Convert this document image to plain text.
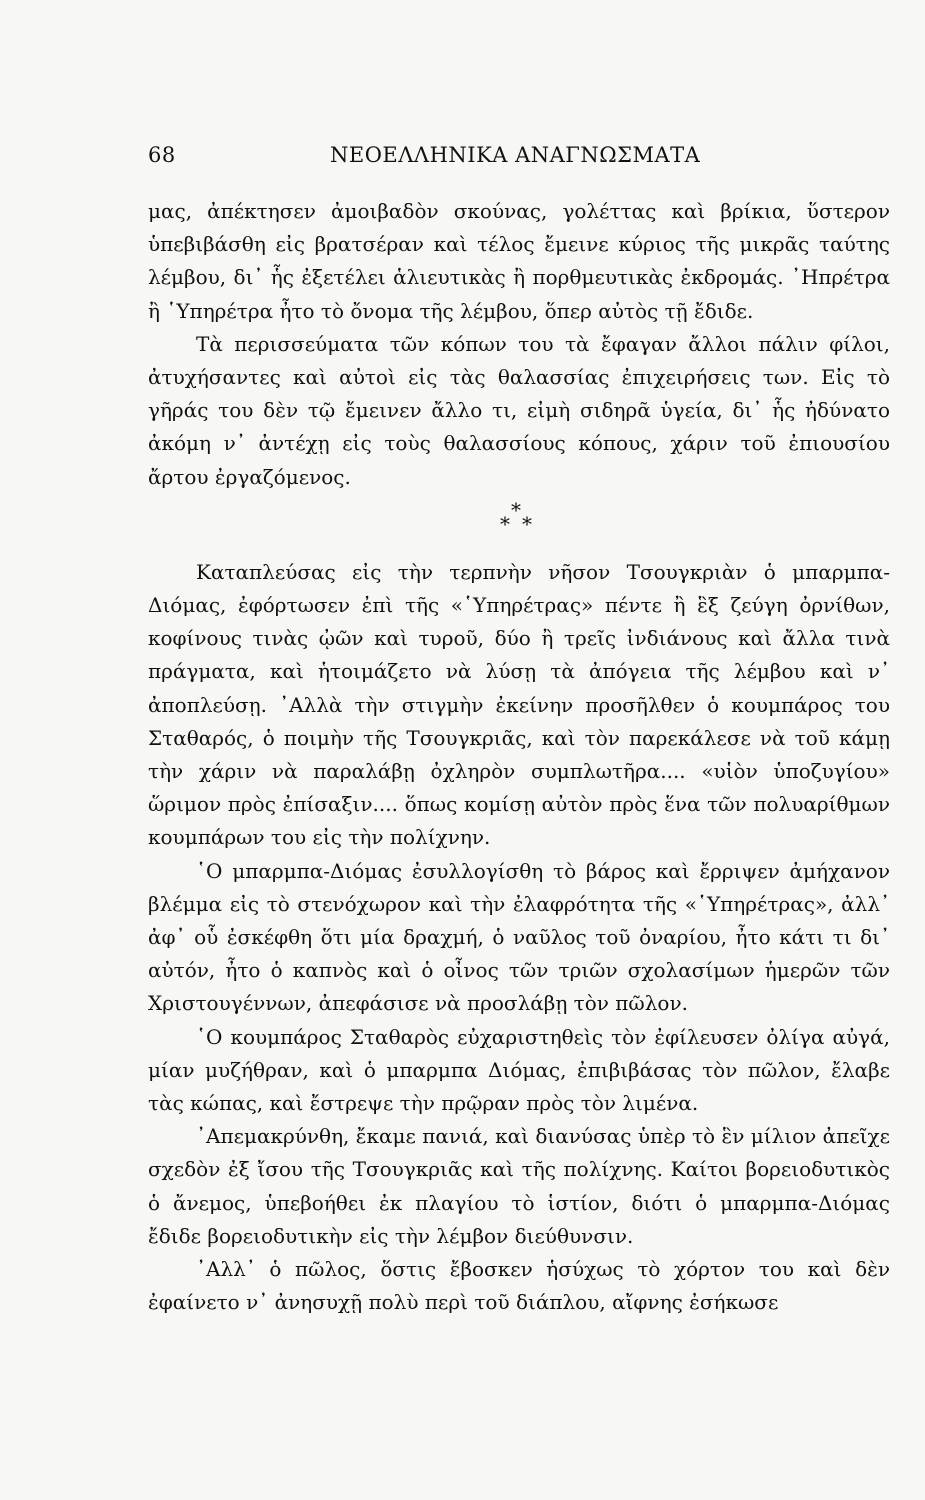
68	ΝΕΟΕΛΛΗΝΙΚΑ ΑΝΑΓΝΩΣΜΑΤΑ

μας, ἀπέκτησεν ἀμοιβαδὸν σκούνας, γολέττας καὶ βρίκια, ὕστερον ὑπεβιβάσθη εἰς βρατσέραν καὶ τέλος ἔμεινε κύριος τῆς μικρᾶς ταύτης λέμβου, δι᾽ ἧς ἐξετέλει ἁλιευτικὰς ἢ πορθμευτικὰς ἐκδρομάς. ᾿Ηπρέτρα ἢ ῾Υπηρέτρα ἦτο τὸ ὄνομα τῆς λέμβου, ὅπερ αὐτὸς τῇ ἔδιδε.

Τὰ περισσεύματα τῶν κόπων του τὰ ἔφαγαν ἄλλοι πάλιν φίλοι, ἀτυχήσαντες καὶ αὐτοὶ εἰς τὰς θαλασσίας ἐπιχειρήσεις των. Εἰς τὸ γῆράς του δὲν τῷ ἔμεινεν ἄλλο τι, εἰμὴ σιδηρᾶ ὑγεία, δι᾽ ἧς ἠδύνατο ἀκόμη ν᾽ ἀντέχῃ εἰς τοὺς θαλασσίους κόπους, χάριν τοῦ ἐπιουσίου ἄρτου ἐργαζόμενος.

*
* *

Καταπλεύσας εἰς τὴν τερπνὴν νῆσον Τσουγκριὰν ὁ μπαρμπα-Διόμας, ἐφόρτωσεν ἐπὶ τῆς «῾Υπηρέτρας» πέντε ἢ ἓξ ζεύγη ὀρνίθων, κοφίνους τινὰς ᾠῶν καὶ τυροῦ, δύο ἢ τρεῖς ἰνδιάνους καὶ ἄλλα τινὰ πράγματα, καὶ ἡτοιμάζετο νὰ λύσῃ τὰ ἀπόγεια τῆς λέμβου καὶ ν᾽ ἀποπλεύσῃ. ᾿Αλλὰ τὴν στιγμὴν ἐκείνην προσῆλθεν ὁ κουμπάρος του Σταθαρός, ὁ ποιμὴν τῆς Τσουγκριᾶς, καὶ τὸν παρεκάλεσε νὰ τοῦ κάμῃ τὴν χάριν νὰ παραλάβῃ ὀχληρὸν συμπλωτῆρα.... «υἱὸν ὑποζυγίου» ὥριμον πρὸς ἐπίσαξιν.... ὅπως κομίσῃ αὐτὸν πρὸς ἕνα τῶν πολυαρίθμων κουμπάρων του εἰς τὴν πολίχνην.

῾Ο μπαρμπα-Διόμας ἐσυλλογίσθη τὸ βάρος καὶ ἔρριψεν ἀμήχανον βλέμμα εἰς τὸ στενόχωρον καὶ τὴν ἐλαφρότητα τῆς «῾Υπηρέτρας», ἀλλ᾽ ἀφ᾽ οὗ ἐσκέφθη ὅτι μία δραχμή, ὁ ναῦλος τοῦ ὀναρίου, ἦτο κάτι τι δι᾽ αὐτόν, ἦτο ὁ καπνὸς καὶ ὁ οἶνος τῶν τριῶν σχολασίμων ἡμερῶν τῶν Χριστουγέννων, ἀπεφάσισε νὰ προσλάβῃ τὸν πῶλον.

῾Ο κουμπάρος Σταθαρὸς εὐχαριστηθεὶς τὸν ἐφίλευσεν ὀλίγα αὐγά, μίαν μυζήθραν, καὶ ὁ μπαρμπα Διόμας, ἐπιβιβάσας τὸν πῶλον, ἔλαβε τὰς κώπας, καὶ ἔστρεψε τὴν πρῷραν πρὸς τὸν λιμένα.

᾿Απεμακρύνθη, ἔκαμε πανιά, καὶ διανύσας ὑπὲρ τὸ ἓν μίλιον ἀπεῖχε σχεδὸν ἐξ ἴσου τῆς Τσουγκριᾶς καὶ τῆς πολίχνης. Καίτοι βορειοδυτικὸς ὁ ἄνεμος, ὑπεβοήθει ἐκ πλαγίου τὸ ἱστίον, διότι ὁ μπαρμπα-Διόμας ἔδιδε βορειοδυτικὴν εἰς τὴν λέμβον διεύθυνσιν.

᾿Αλλ᾽ ὁ πῶλος, ὅστις ἔβοσκεν ἡσύχως τὸ χόρτον του καὶ δὲν ἐφαίνετο ν᾽ ἀνησυχῇ πολὺ περὶ τοῦ διάπλου, αἴφνης ἐσήκωσε
